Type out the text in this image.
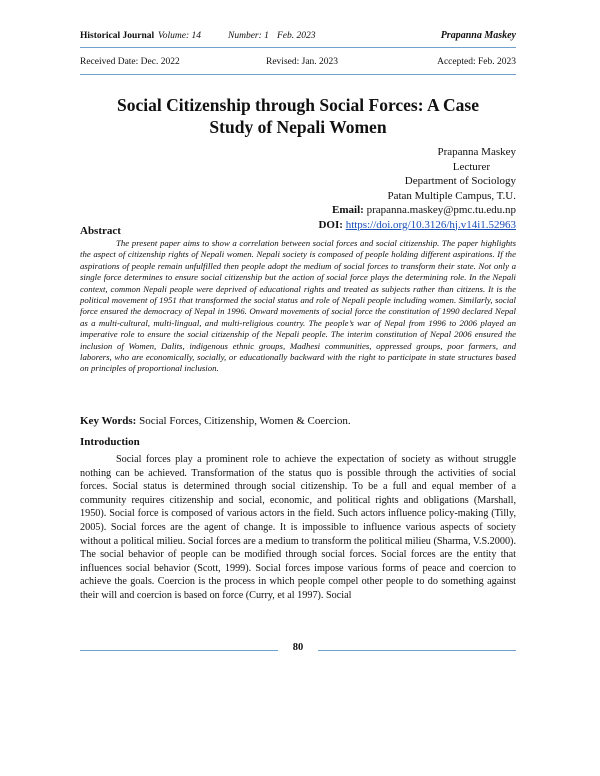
Historical Journal Volume: 14	Number: 1 Feb. 2023	Prapanna Maskey
Received Date: Dec. 2022	Revised: Jan. 2023	Accepted: Feb. 2023
Social Citizenship through Social Forces: A Case
Study of Nepali Women
Prapanna Maskey
Lecturer
Department of Sociology
Patan Multiple Campus, T.U.
Email: prapanna.maskey@pmc.tu.edu.np
DOI: https://doi.org/10.3126/hj.v14i1.52963
Abstract
The present paper aims to show a correlation between social forces and social citizenship. The paper highlights the aspect of citizenship rights of Nepali women. Nepali society is composed of people holding different aspirations. If the aspirations of people remain unfulfilled then people adopt the medium of social forces to transform their state. Not only a single force determines to ensure social citizenship but the action of social force plays the determining role. In the Nepali context, common Nepali people were deprived of educational rights and treated as subjects rather than citizens. It is the political movement of 1951 that transformed the social status and role of Nepali people including women. Similarly, social force ensured the democracy of Nepal in 1996. Onward movements of social force the constitution of 1990 declared Nepal as a multi-cultural, multi-lingual, and multi-religious country. The people’s war of Nepal from 1996 to 2006 played an imperative role to ensure the social citizenship of the Nepali people. The interim constitution of Nepal 2006 ensured the inclusion of Women, Dalits, indigenous ethnic groups, Madhesi communities, oppressed groups, poor farmers, and laborers, who are economically, socially, or educationally backward with the right to participate in state structures based on principles of proportional inclusion.
Key Words: Social Forces, Citizenship, Women & Coercion.
Introduction
Social forces play a prominent role to achieve the expectation of society as without struggle nothing can be achieved. Transformation of the status quo is possible through the activities of social forces. Social status is determined through social citizenship. To be a full and equal member of a community requires citizenship and social, economic, and political rights and obligations (Marshall, 1950). Social force is composed of various actors in the field. Such actors influence policy-making (Tilly, 2005). Social forces are the agent of change. It is impossible to influence various aspects of society without a political milieu. Social forces are a medium to transform the political milieu (Sharma, V.S.2000). The social behavior of people can be modified through social forces. Social forces are the entity that influences social behavior (Scott, 1999). Social forces impose various forms of peace and coercion to achieve the goals. Coercion is the process in which people compel other people to do something against their will and coercion is based on force (Curry, et al 1997). Social
80
